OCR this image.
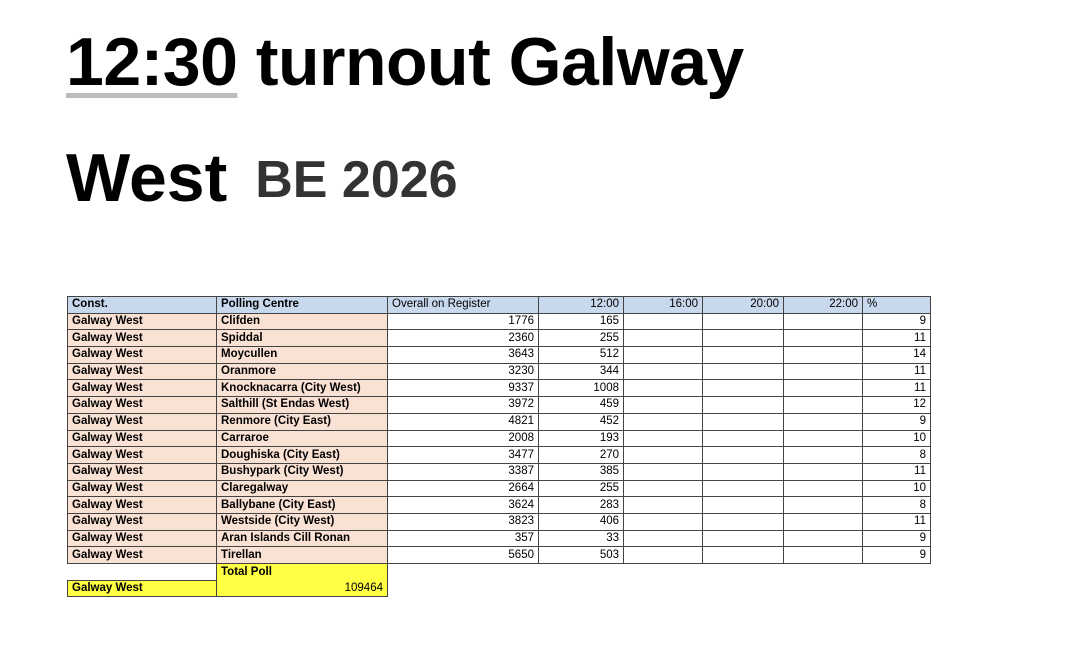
12:30 turnout Galway
West BE 2026
Const.	Polling Centre	Overall on Register	12:00	16:00	20:00	22:00	%
Galway West	Clifden	1776	165				9
Galway West	Spiddal	2360	255				11
Galway West	Moycullen	3643	512				14
Galway West	Oranmore	3230	344				11
Galway West	Knocknacarra (City West)	9337	1008				11
Galway West	Salthill (St Endas West)	3972	459				12
Galway West	Renmore (City East)	4821	452				9
Galway West	Carraroe	2008	193				10
Galway West	Doughiska (City East)	3477	270				8
Galway West	Bushypark (City West)	3387	385				11
Galway West	Claregalway	2664	255				10
Galway West	Ballybane (City East)	3624	283				8
Galway West	Westside (City West)	3823	406				11
Galway West	Aran Islands Cill Ronan	357	33				9
Galway West	Tirellan	5650	503				9
	Total Poll						
Galway West	109464						
